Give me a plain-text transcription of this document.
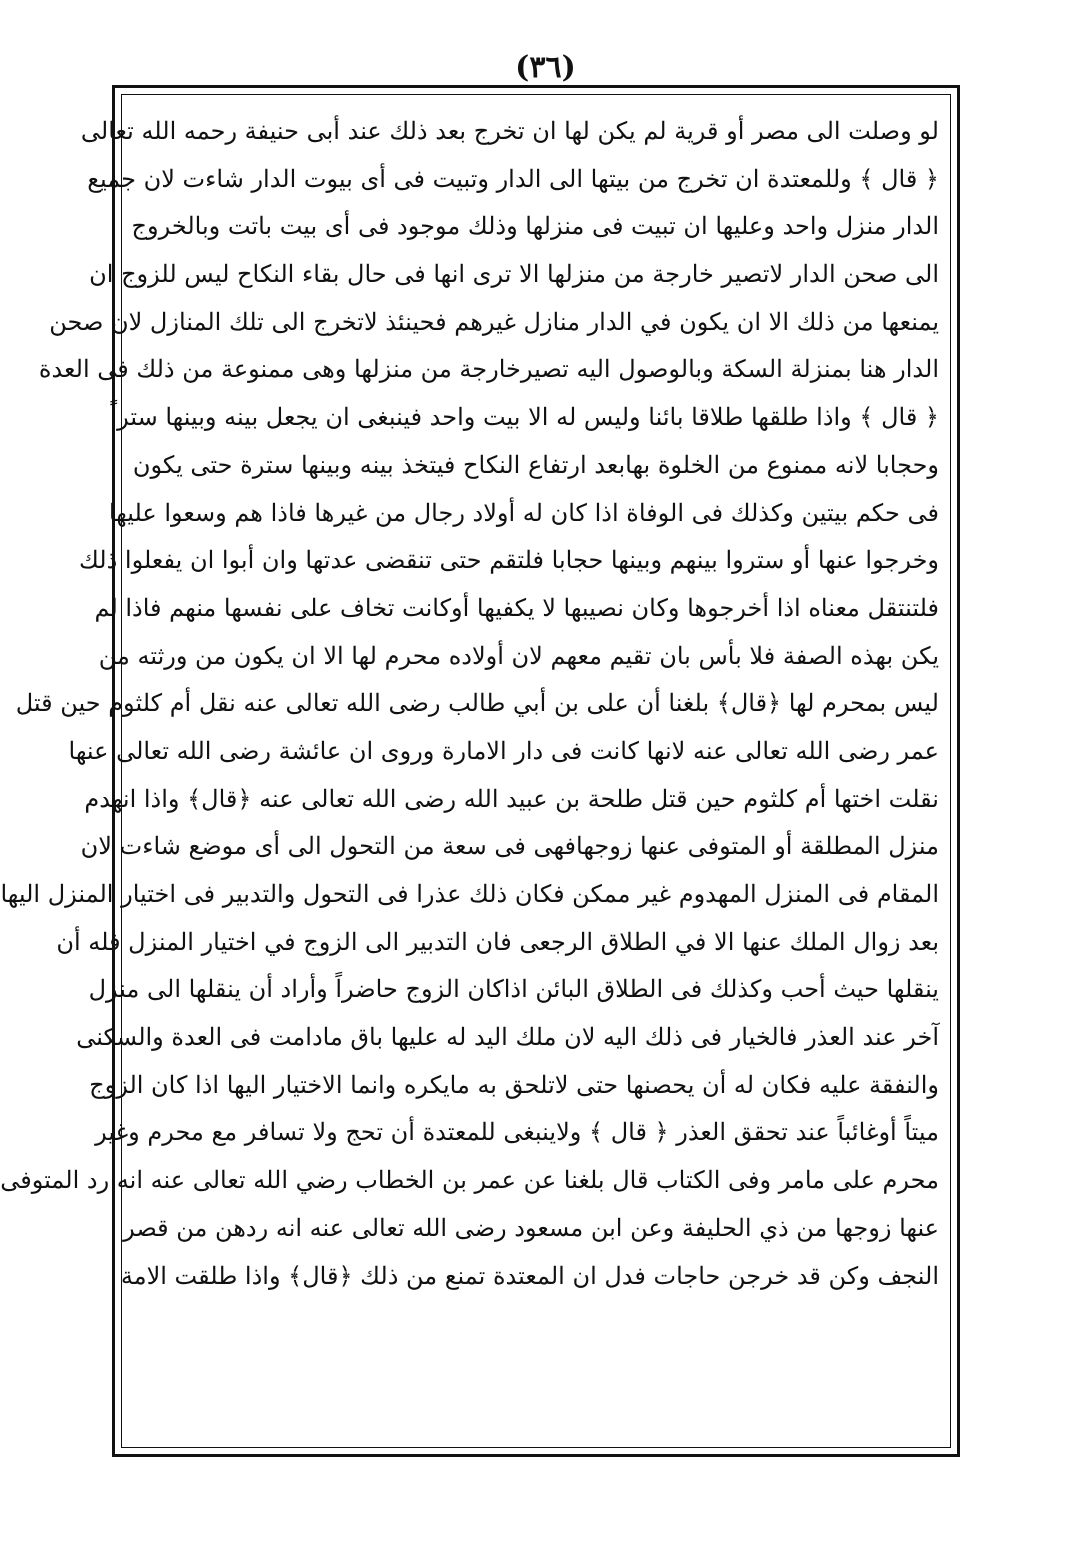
(٣٦)
لو وصلت الى مصر أو قرية لم يكن لها ان تخرج بعد ذلك عند أبى حنيفة رحمه الله تعالى
﴿ قال ﴾ وللمعتدة ان تخرج من بيتها الى الدار وتبيت فى أى بيوت الدار شاءت لان جميع
الدار منزل واحد وعليها ان تبيت فى منزلها وذلك موجود فى أى بيت باتت وبالخروج
الى صحن الدار لاتصير خارجة من منزلها الا ترى انها فى حال بقاء النكاح ليس للزوج ان
يمنعها من ذلك الا ان يكون في الدار منازل غيرهم فحينئذ لاتخرج الى تلك المنازل لان صحن
الدار هنا بمنزلة السكة وبالوصول اليه تصيرخارجة من منزلها وهى ممنوعة من ذلك فى العدة
﴿ قال ﴾ واذا طلقها طلاقا بائنا وليس له الا بيت واحد فينبغى ان يجعل بينه وبينها ستراً
وحجابا لانه ممنوع من الخلوة بهابعد ارتفاع النكاح فيتخذ بينه وبينها سترة حتى يكون
فى حكم بيتين وكذلك فى الوفاة اذا كان له أولاد رجال من غيرها فاذا هم وسعوا عليها
وخرجوا عنها أو ستروا بينهم وبينها حجابا فلتقم حتى تنقضى عدتها وان أبوا ان يفعلوا ذلك
فلتنتقل معناه اذا أخرجوها وكان نصيبها لا يكفيها أوكانت تخاف على نفسها منهم فاذا لم
يكن بهذه الصفة فلا بأس بان تقيم معهم لان أولاده محرم لها الا ان يكون من ورثته من
ليس بمحرم لها ﴿قال﴾ بلغنا أن على بن أبي طالب رضى الله تعالى عنه نقل أم كلثوم حين قتل
عمر رضى الله تعالى عنه لانها كانت فى دار الامارة وروى ان عائشة رضى الله تعالى عنها
نقلت اختها أم كلثوم حين قتل طلحة بن عبيد الله رضى الله تعالى عنه ﴿قال﴾ واذا انهدم
منزل المطلقة أو المتوفى عنها زوجهافهى فى سعة من التحول الى أى موضع شاءت لان
المقام فى المنزل المهدوم غير ممكن فكان ذلك عذرا فى التحول والتدبير فى اختيار المنزل اليها
بعد زوال الملك عنها الا في الطلاق الرجعى فان التدبير الى الزوج في اختيار المنزل فله أن
ينقلها حيث أحب وكذلك فى الطلاق البائن اذاكان الزوج حاضراً وأراد أن ينقلها الى منزل
آخر عند العذر فالخيار فى ذلك اليه لان ملك اليد له عليها باق مادامت فى العدة والسكنى
والنفقة عليه فكان له أن يحصنها حتى لاتلحق به مايكره وانما الاختيار اليها اذا كان الزوج
ميتاً أوغائباً عند تحقق العذر ﴿ قال ﴾ ولاينبغى للمعتدة أن تحج ولا تسافر مع محرم وغير
محرم على مامر وفى الكتاب قال بلغنا عن عمر بن الخطاب رضي الله تعالى عنه انه رد المتوفى
عنها زوجها من ذي الحليفة وعن ابن مسعود رضى الله تعالى عنه انه ردهن من قصر
النجف وكن قد خرجن حاجات فدل ان المعتدة تمنع من ذلك ﴿قال﴾ واذا طلقت الامة
